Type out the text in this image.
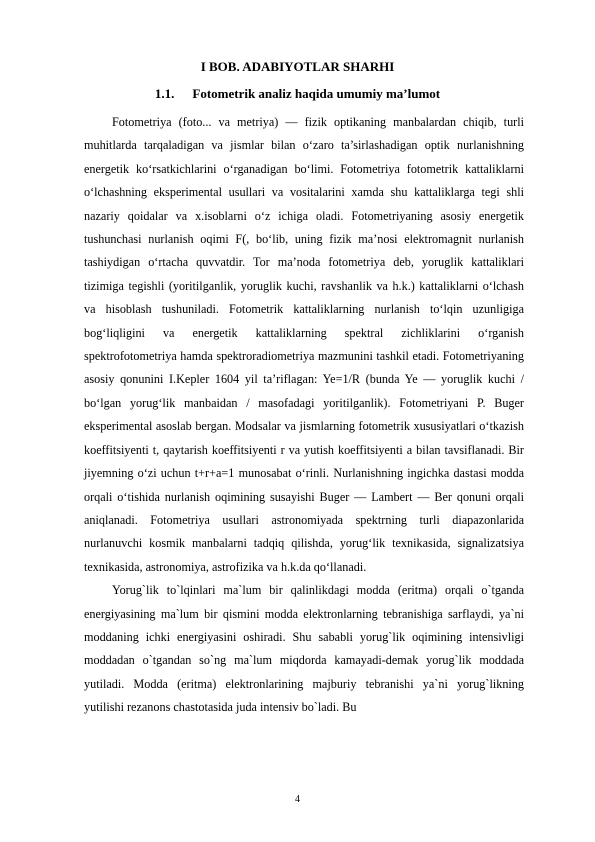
I BOB. ADABIYOTLAR SHARHI
1.1. Fotometrik analiz haqida umumiy ma’lumot

Fotometriya (foto... va metriya) — fizik optikaning manbalardan chiqib, turli muhitlarda tarqaladigan va jismlar bilan o‘zaro ta’sirlashadigan optik nurlanishning energetik ko‘rsatkichlarini o‘rganadigan bo‘limi. Fotometriya fotometrik kattaliklarni o‘lchashning eksperimental usullari va vositalarini xamda shu kattaliklarga tegi shli nazariy qoidalar va x.isoblarni o‘z ichiga oladi. Fotometriyaning asosiy energetik tushunchasi nurlanish oqimi F(, bo‘lib, uning fizik ma’nosi elektromagnit nurlanish tashiydigan o‘rtacha quvvatdir. Tor ma’noda fotometriya deb, yoruglik kattaliklari tizimiga tegishli (yoritilganlik, yoruglik kuchi, ravshanlik va h.k.) kattaliklarni o‘lchash va hisoblash tushuniladi. Fotometrik kattaliklarning nurlanish to‘lqin uzunligiga bog‘liqligini va energetik kattaliklarning spektral zichliklarini o‘rganish spektrofotometriya hamda spektroradiometriya mazmunini tashkil etadi. Fotometriyaning asosiy qonunini I.Kepler 1604 yil ta’riflagan: Ye=1/R (bunda Ye — yoruglik kuchi / bo‘lgan yorug‘lik manbaidan / masofadagi yoritilganlik). Fotometriyani P. Buger eksperimental asoslab bergan. Modsalar va jismlarning fotometrik xususiyatlari o‘tkazish koeffitsiyenti t, qaytarish koeffitsiyenti r va yutish koeffitsiyenti a bilan tavsiflanadi. Bir jiyemning o‘zi uchun t+r+a=1 munosabat o‘rinli. Nurlanishning ingichka dastasi modda orqali o‘tishida nurlanish oqimining susayishi Buger — Lambert — Ber qonuni orqali aniqlanadi. Fotometriya usullari astronomiyada spektrning turli diapazonlarida nurlanuvchi kosmik manbalarni tadqiq qilishda, yorug‘lik texnikasida, signalizatsiya texnikasida, astronomiya, astrofizika va h.k.da qo‘llanadi.

Yorug`lik to`lqinlari ma`lum bir qalinlikdagi modda (eritma) orqali o`tganda energiyasining ma`lum bir qismini modda elektronlarning tebranishiga sarflaydi, ya`ni moddaning ichki energiyasini oshiradi. Shu sababli yorug`lik oqimining intensivligi moddadan o`tgandan so`ng ma`lum miqdorda kamayadi-demak yorug`lik moddada yutiladi. Modda (eritma) elektronlarining majburiy tebranishi ya`ni yorug`likning yutilishi rezanons chastotasida juda intensiv bo`ladi. Bu

4
